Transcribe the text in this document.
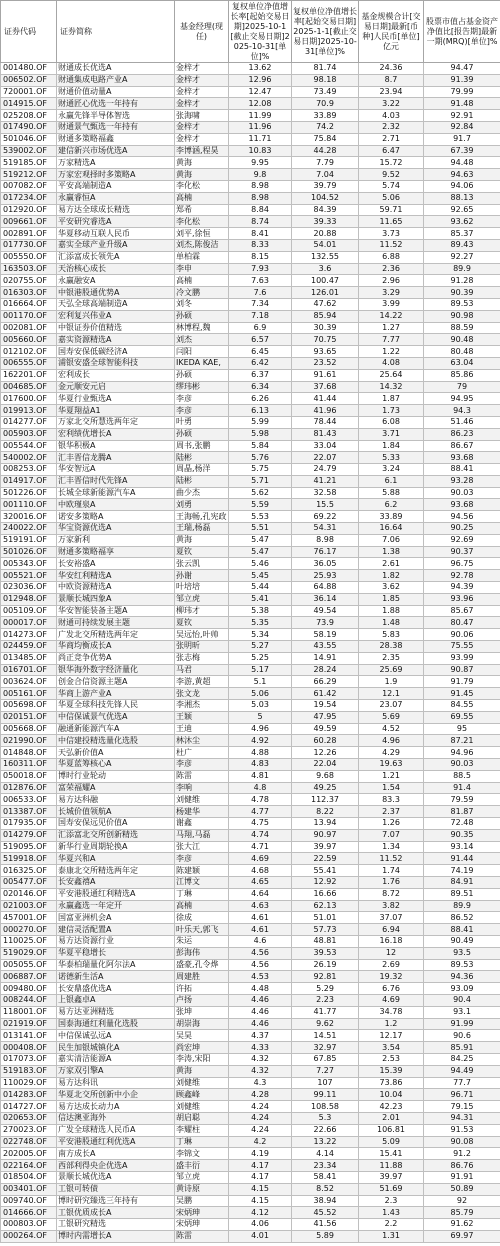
证券代码	证券简称	基金经理(现任)	复权单位净值增长率[起始交易日期]2025-10-1[截止交易日期]2025-10-31[单位]%	复权单位净值增长率[起始交易日期]2025-1-1[截止交易日期]2025-10-31[单位]%	基金规模合计[交易日期]最新[币种]人民币[单位]亿元	股票市值占基金资产净值比[报告期]最新一期(MRQ)[单位]%
001480.OF	财通成长优选A	金梓才	13.62	81.74	24.36	94.47
006502.OF	财通集成电路产业A	金梓才	12.96	98.18	8.7	91.39
720001.OF	财通价值动量A	金梓才	12.47	73.49	23.94	79.99
014915.OF	财通匠心优选一年持有	金梓才	12.08	70.9	3.22	91.48
025208.OF	永赢先锋半导体智选	张海啸	11.99	33.89	4.03	92.91
017490.OF	财通景气甄选一年持有	金梓才	11.96	74.2	2.32	92.84
501046.OF	财通多策略福鑫	金梓才	11.71	75.84	2.71	91.7
539002.OF	建信新兴市场优选A	李博涵,程昊	10.83	44.28	6.47	67.39
519185.OF	万家精选A	黄海	9.95	7.79	15.72	94.48
519212.OF	万家宏观择时多策略A	黄海	9.8	7.04	9.52	94.63
007082.OF	平安高端制造A	李化松	8.98	39.79	5.74	94.06
017234.OF	永赢睿恒A	高楠	8.98	104.52	5.06	88.13
012920.OF	易方达全球成长精选	郑希	8.84	84.39	59.71	92.65
009661.OF	平安研究睿选A	李化松	8.74	39.33	11.65	93.62
002891.OF	华夏移动互联人民币	刘平,徐恒	8.41	20.88	3.73	85.37
017730.OF	嘉实全球产业升级A	刘杰,陈俊洁	8.33	54.01	11.52	89.43
005550.OF	汇添富成长领先A	单柏霖	8.15	132.55	6.88	92.27
163503.OF	天治核心成长	李申	7.93	3.6	2.36	89.9
020755.OF	永赢融安A	高楠	7.63	100.47	2.96	91.28
016303.OF	中银港股通优势A	冷文鹏	7.6	126.01	3.29	90.39
016664.OF	天弘全球高端制造A	刘冬	7.34	47.62	3.99	89.53
001170.OF	宏利复兴伟业A	孙硕	7.18	85.94	14.22	90.98
002081.OF	中银证券价值精选	林博程,魏	6.9	30.39	1.27	88.59
005660.OF	嘉实资源精选A	刘杰	6.57	70.75	7.77	90.48
012102.OF	国寿安保低碳经济A	闫阳	6.45	93.65	1.22	80.48
006555.OF	浦银安盛全球智能科技	IKEDA KAE,	6.42	23.52	4.08	63.04
162201.OF	宏利成长	孙硕	6.37	91.61	25.64	85.86
004685.OF	金元顺安元启	缪玮彬	6.34	37.68	14.32	79
017600.OF	华夏行业甄选A	李彦	6.26	41.44	1.87	94.95
019913.OF	华夏翔益A1	李彦	6.13	41.96	1.73	94.3
014277.OF	万家北交所慧选两年定	叶勇	5.99	78.44	6.08	51.46
005903.OF	宏利绩优增长A	孙硕	5.98	81.43	3.71	86.23
005544.OF	银华积极A	周书,张鹏	5.84	33.04	1.84	86.67
540002.OF	汇丰晋信龙腾A	陆彬	5.76	22.07	5.33	93.68
008253.OF	华安智远A	周晶,杨洋	5.75	24.79	3.24	88.41
014917.OF	汇丰晋信时代先锋A	陆彬	5.71	41.21	6.1	93.28
501226.OF	长城全球新能源汽车A	曲少杰	5.62	32.58	5.88	90.03
001110.OF	中欧瑾泉A	刘勇	5.59	15.5	6.2	93.68
320016.OF	诺安多策略A	王海畅,孔宪政	5.53	69.22	33.89	94.56
240022.OF	华宝资源优选A	王瑞,杨磊	5.51	54.31	16.64	90.25
519191.OF	万家新利	黄海	5.47	8.98	7.06	92.69
501026.OF	财通多策略福享	夏钦	5.47	76.17	1.38	90.37
005343.OF	长安裕盛A	张云凯	5.46	36.05	2.61	96.75
005521.OF	华安红利精选A	孙谢	5.45	25.93	1.82	92.78
023036.OF	中欧资源精选A	叶培培	5.44	64.88	3.62	94.39
012948.OF	景顺长城四象A	邹立虎	5.41	36.14	1.85	93.96
005109.OF	华安智能装备主题A	柳玮才	5.38	49.54	1.88	85.67
000017.OF	财通可持续发展主题	夏钦	5.35	73.9	1.48	80.47
014273.OF	广发北交所精选两年定	吴远怡,叶帅	5.34	58.19	5.83	90.06
024459.OF	华商均衡成长A	张明昕	5.27	43.55	28.38	75.55
013485.OF	尚正竞争优势A	张志梅	5.25	14.91	2.35	93.99
016701.OF	银华海外数字经济量化	马君	5.17	28.24	25.69	90.87
003624.OF	创金合信资源主题A	李游,黄超	5.1	66.29	1.9	91.79
005161.OF	华商上游产业A	张文龙	5.06	61.42	12.1	91.45
005698.OF	华夏全球科技先锋人民	李湘杰	5.03	19.54	23.07	84.55
020151.OF	中信保诚景气优选A	王颖	5	47.95	5.69	69.55
005668.OF	融通新能源汽车A	王迪	4.96	49.59	4.52	95
021990.OF	中信建投精选量化选股	林沐尘	4.92	60.28	4.96	87.21
014848.OF	天弘新价值A	杜广	4.88	12.26	4.29	94.96
160311.OF	华夏蓝筹核心A	李彦	4.83	22.04	19.63	90.03
050018.OF	博时行业轮动	陈雷	4.81	9.68	1.21	88.5
012876.OF	富荣福耀A	李响	4.8	49.25	1.54	91.4
006533.OF	易方达科融	刘健维	4.78	112.37	83.3	79.59
013387.OF	长城价值领航A	杨建华	4.77	8.22	2.37	81.87
017935.OF	国寿安保远见价值A	谢鑫	4.75	13.94	1.26	72.48
014279.OF	汇添富北交所创新精选	马翔,马磊	4.74	90.97	7.07	90.35
519095.OF	新华行业周期轮换A	张大江	4.71	39.97	1.34	93.14
519918.OF	华夏兴和A	李彦	4.69	22.59	11.52	91.44
016325.OF	泰康北交所精选两年定	陈建颖	4.68	55.41	1.74	74.19
005477.OF	长安鑫禧A	江博文	4.65	12.92	1.76	84.91
020146.OF	平安港股通红利精选A	丁琳	4.64	16.66	8.72	89.51
021003.OF	永赢鑫选一年定开	高楠	4.63	62.13	3.82	89.9
457001.OF	国富亚洲机会A	徐成	4.61	51.01	37.07	86.52
000270.OF	建信灵活配置A	叶乐天,郭飞	4.61	57.73	6.94	88.41
110025.OF	易方达资源行业	朱运	4.6	48.81	16.18	90.49
519029.OF	华夏平稳增长	彭海伟	4.56	39.53	12	93.5
005055.OF	华泰柏瑞量化阿尔法A	盛豪,孔令烨	4.56	26.19	2.69	89.53
006887.OF	诺德新生活A	周建胜	4.53	92.81	19.32	94.36
009480.OF	长安鼎盛优选A	许拓	4.48	5.29	6.76	93.09
008244.OF	上银鑫卓A	卢扬	4.46	2.23	4.69	90.4
118001.OF	易方达亚洲精选	张坤	4.46	41.77	34.78	93.1
021919.OF	国泰海通红利量化选股	胡崇海	4.46	9.62	1.2	91.99
013141.OF	中信保诚弘远A	吴昊	4.37	14.51	12.17	90.6
000408.OF	民生加银城镇化A	尚宏坤	4.33	32.97	3.54	85.91
017073.OF	嘉实清洁能源A	李涛,宋阳	4.32	67.85	2.53	84.25
519183.OF	万家双引擎A	黄海	4.32	7.27	15.39	94.49
110029.OF	易方达科讯	刘健维	4.3	107	73.86	77.7
014283.OF	华夏北交所创新中小企	顾鑫峰	4.28	99.11	10.04	96.71
014727.OF	易方达成长动力A	刘健维	4.24	108.58	42.23	79.15
020653.OF	信达澳亚海外	胡启聪	4.24	5.3	2.01	94.31
270023.OF	广发全球精选人民币A	李耀柱	4.24	22.66	106.81	91.53
022748.OF	平安港股通红利优选A	丁琳	4.2	13.22	5.09	90.08
202005.OF	南方成长A	李锦文	4.19	4.14	15.41	91.2
022164.OF	西部利得央企优选A	盛丰衍	4.17	23.34	11.88	86.76
018504.OF	景顺长城优选A	邹立虎	4.17	58.41	39.97	91.91
003401.OF	工银可转债	黄诗原	4.15	8.52	51.69	50.89
009740.OF	博时研究臻选三年持有	吴鹏	4.15	38.94	2.3	92
014666.OF	工银优质成长A	宋炳珅	4.12	45.52	1.43	85.79
000803.OF	工银研究精选	宋炳珅	4.06	41.56	2.2	91.62
000264.OF	博时内需增长A	陈雷	4.01	5.89	1.31	69.97
